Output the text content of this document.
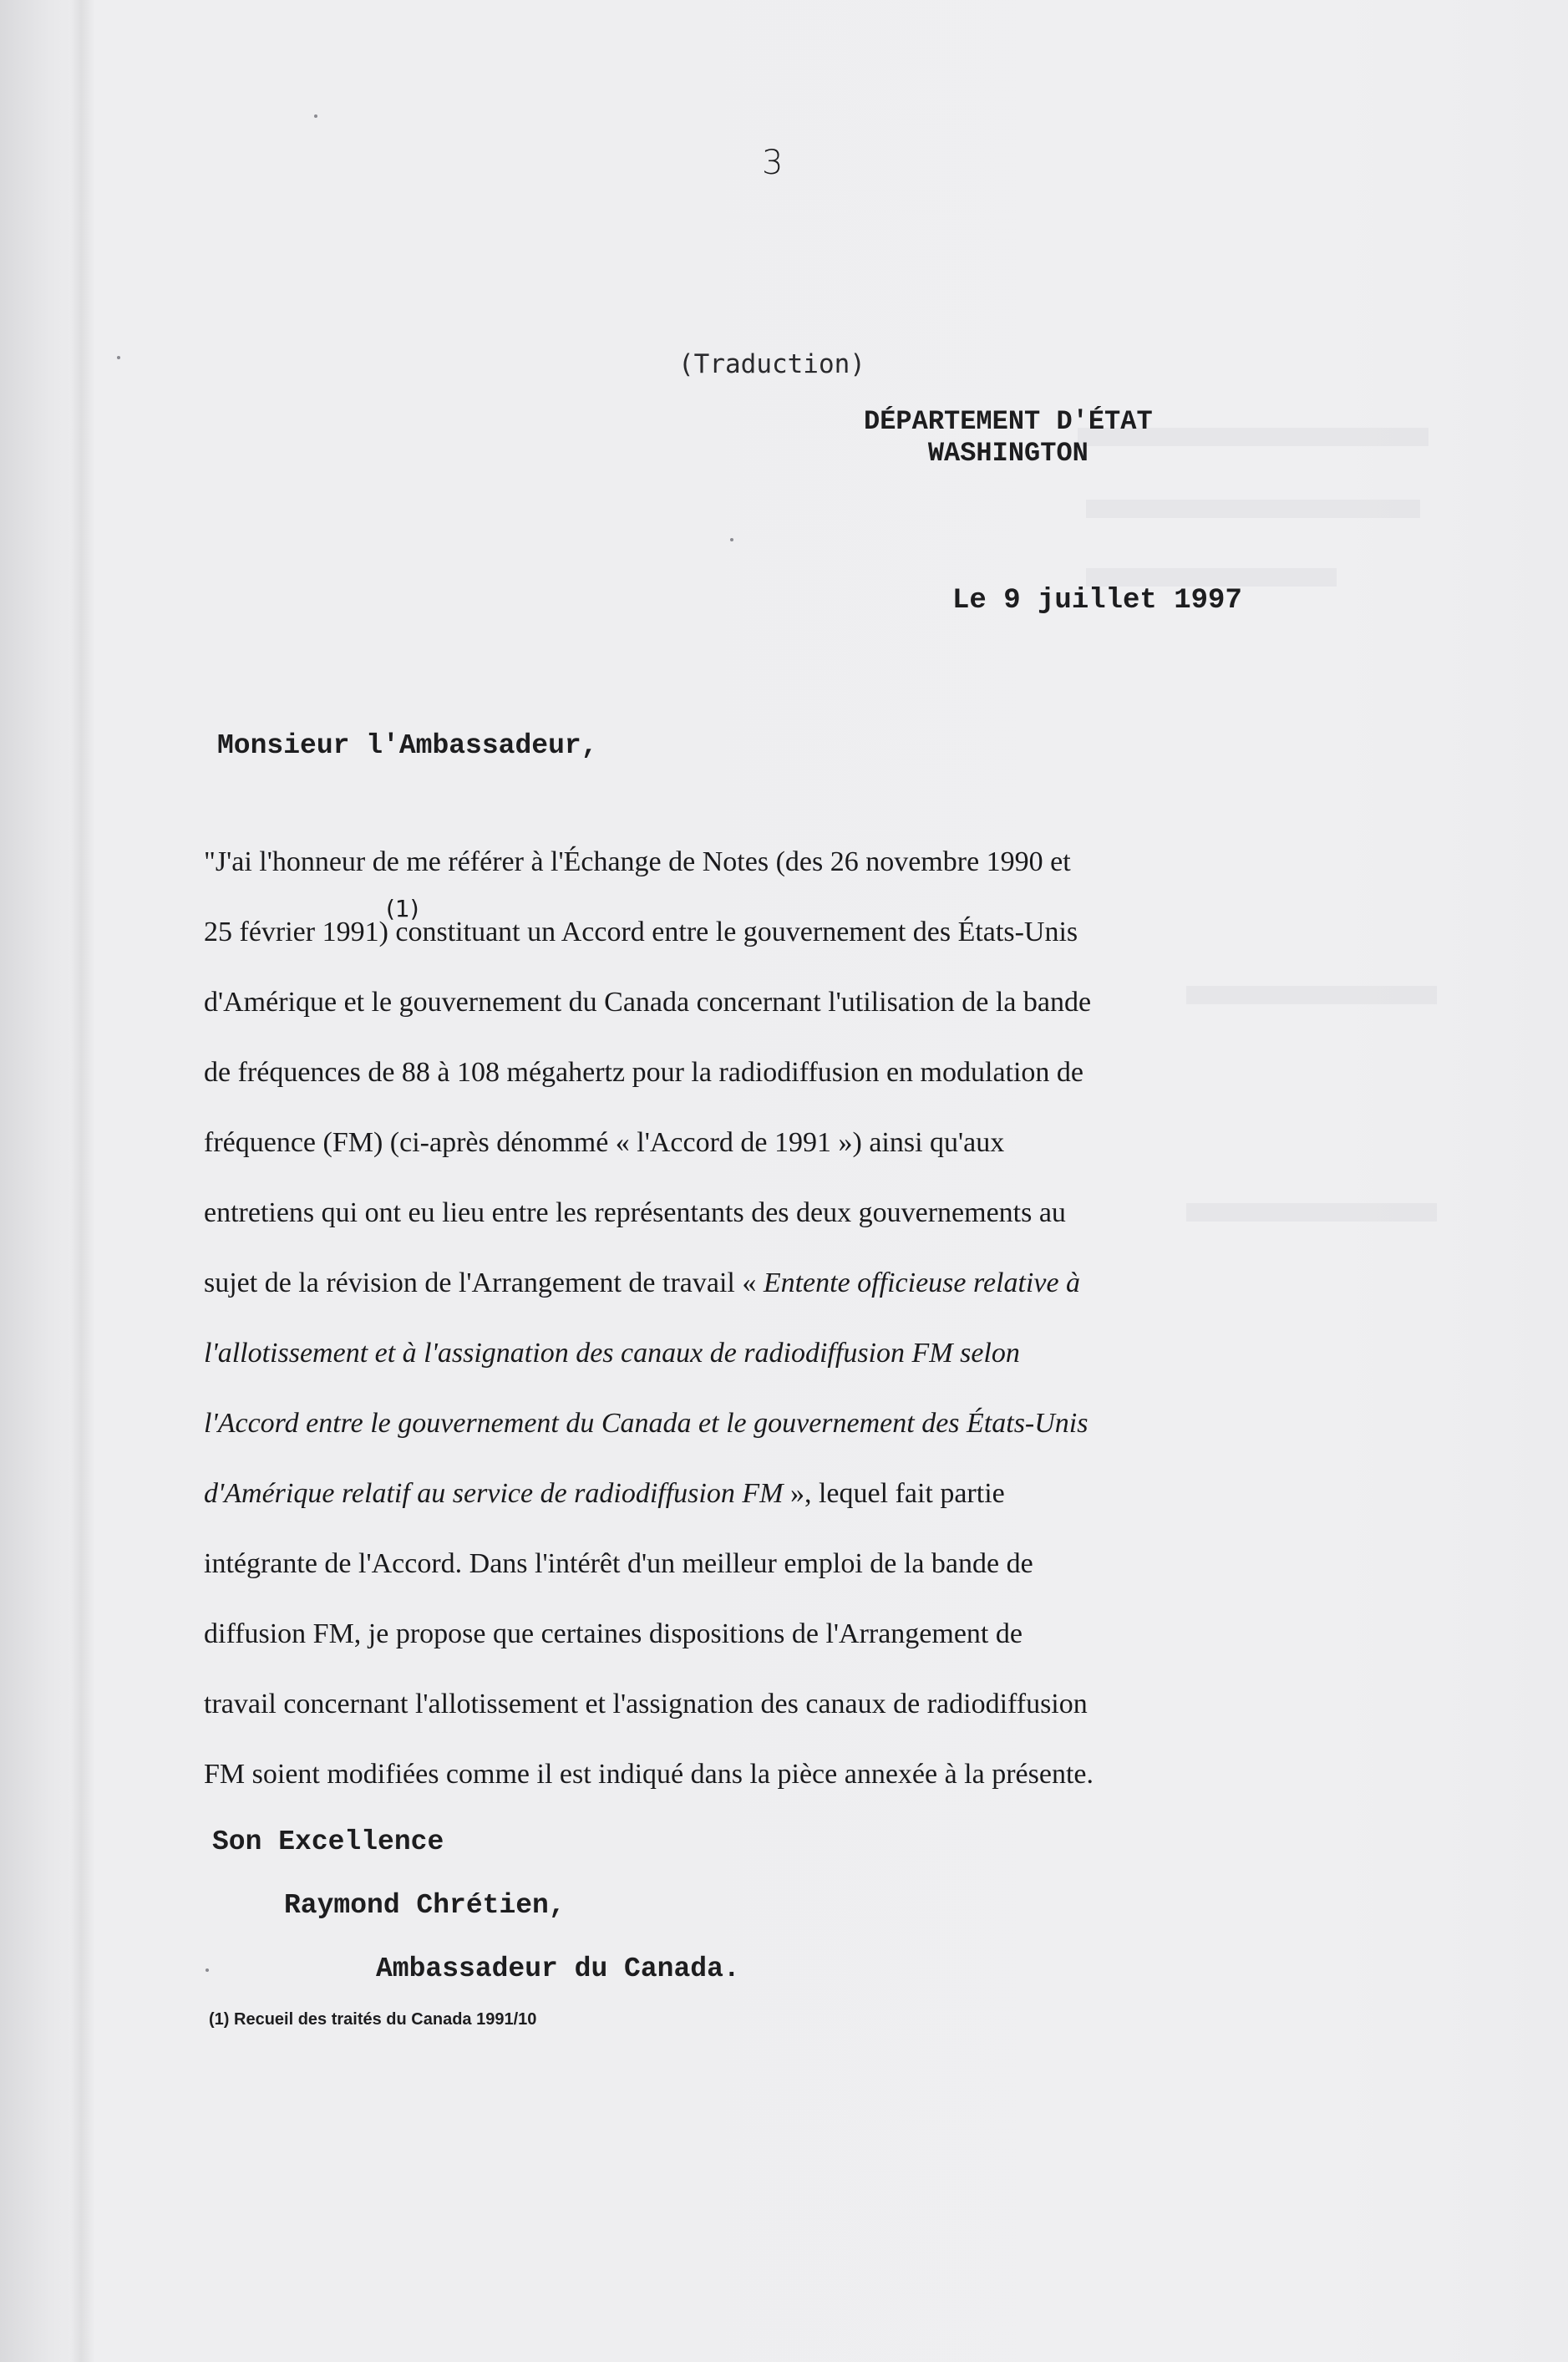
3
(Traduction)
DÉPARTEMENT D'ÉTAT
WASHINGTON
Le 9 juillet 1997
Monsieur l'Ambassadeur,
"J'ai l'honneur de me référer à l'Échange de Notes (des 26 novembre 1990 et
(1)
25 février 1991) constituant un Accord entre le gouvernement des États-Unis
d'Amérique et le gouvernement du Canada concernant l'utilisation de la bande
de fréquences de 88 à 108 mégahertz pour la radiodiffusion en modulation de
fréquence (FM) (ci-après dénommé « l'Accord de 1991 ») ainsi qu'aux
entretiens qui ont eu lieu entre les représentants des deux gouvernements au
sujet de la révision de l'Arrangement de travail « Entente officieuse relative à
l'allotissement et à l'assignation des canaux de radiodiffusion FM selon
l'Accord entre le gouvernement du Canada et le gouvernement des États-Unis
d'Amérique relatif au service de radiodiffusion FM », lequel fait partie
intégrante de l'Accord. Dans l'intérêt d'un meilleur emploi de la bande de
diffusion FM, je propose que certaines dispositions de l'Arrangement de
travail concernant l'allotissement et l'assignation des canaux de radiodiffusion
FM soient modifiées comme il est indiqué dans la pièce annexée à la présente.
Son Excellence
Raymond Chrétien,
Ambassadeur du Canada.
(1) Recueil des traités du Canada 1991/10
